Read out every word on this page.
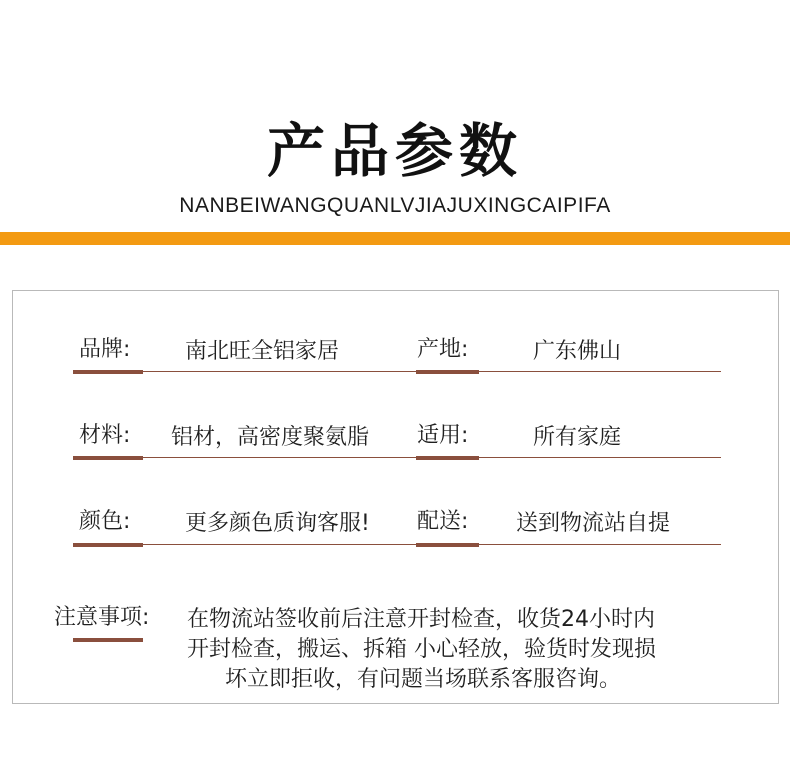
产品参数
NANBEIWANGQUANLVJIAJUXINGCAIPIFA
品牌: 南北旺全铝家居	产地:	广东佛山
材料: 铝材，高密度聚氨脂 适用:	所有家庭
颜色: 更多颜色质询客服! 配送: 送到物流站自提
注意事项: 在物流站签收前后注意开封检查，收货24小时内
开封检查，搬运、拆箱 小心轻放，验货时发现损
坏立即拒收，有问题当场联系客服咨询。
